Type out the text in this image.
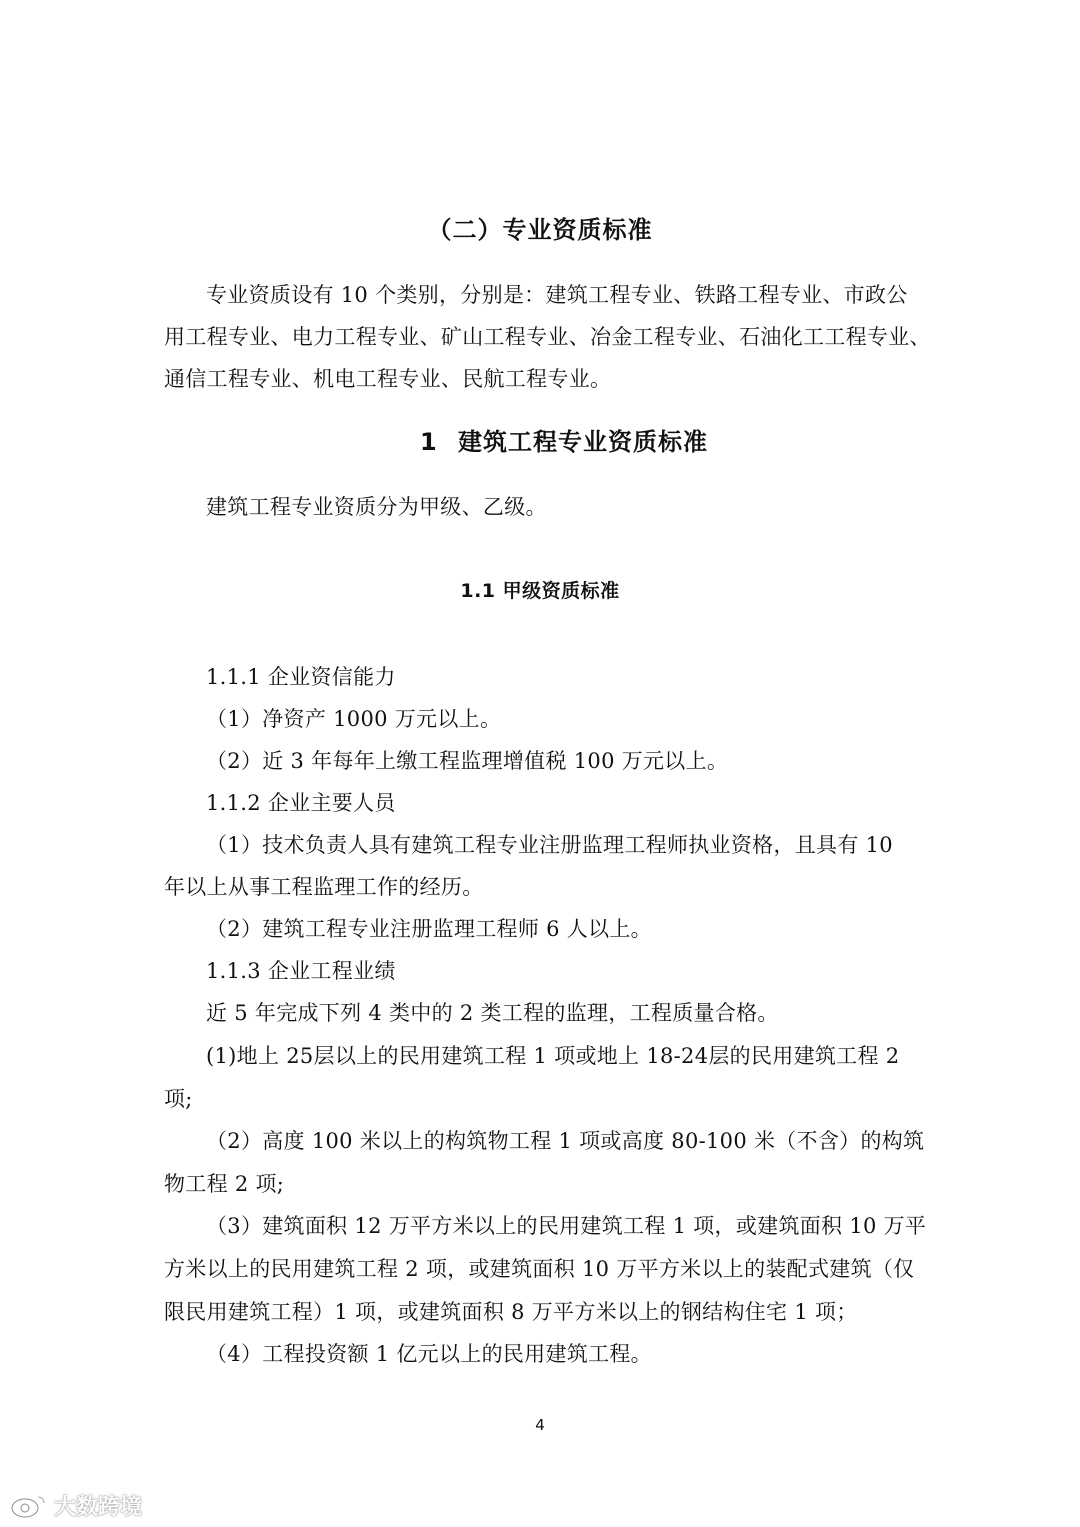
（二）专业资质标准
专业资质设有 10 个类别，分别是：建筑工程专业、铁路工程专业、市政公
用工程专业、电力工程专业、矿山工程专业、冶金工程专业、石油化工工程专业、
通信工程专业、机电工程专业、民航工程专业。
1 建筑工程专业资质标准
建筑工程专业资质分为甲级、乙级。
1.1 甲级资质标准
1.1.1 企业资信能力
（1）净资产 1000 万元以上。
（2）近 3 年每年上缴工程监理增值税 100 万元以上。
1.1.2 企业主要人员
（1）技术负责人具有建筑工程专业注册监理工程师执业资格，且具有 10
年以上从事工程监理工作的经历。
（2）建筑工程专业注册监理工程师 6 人以上。
1.1.3 企业工程业绩
近 5 年完成下列 4 类中的 2 类工程的监理，工程质量合格。
(1)地上 25层以上的民用建筑工程 1 项或地上 18-24层的民用建筑工程 2
项;
（2）高度 100 米以上的构筑物工程 1 项或高度 80-100 米（不含）的构筑
物工程 2 项;
（3）建筑面积 12 万平方米以上的民用建筑工程 1 项，或建筑面积 10 万平
方米以上的民用建筑工程 2 项，或建筑面积 10 万平方米以上的装配式建筑（仅
限民用建筑工程）1 项，或建筑面积 8 万平方米以上的钢结构住宅 1 项；
（4）工程投资额 1 亿元以上的民用建筑工程。
4
大数跨境
